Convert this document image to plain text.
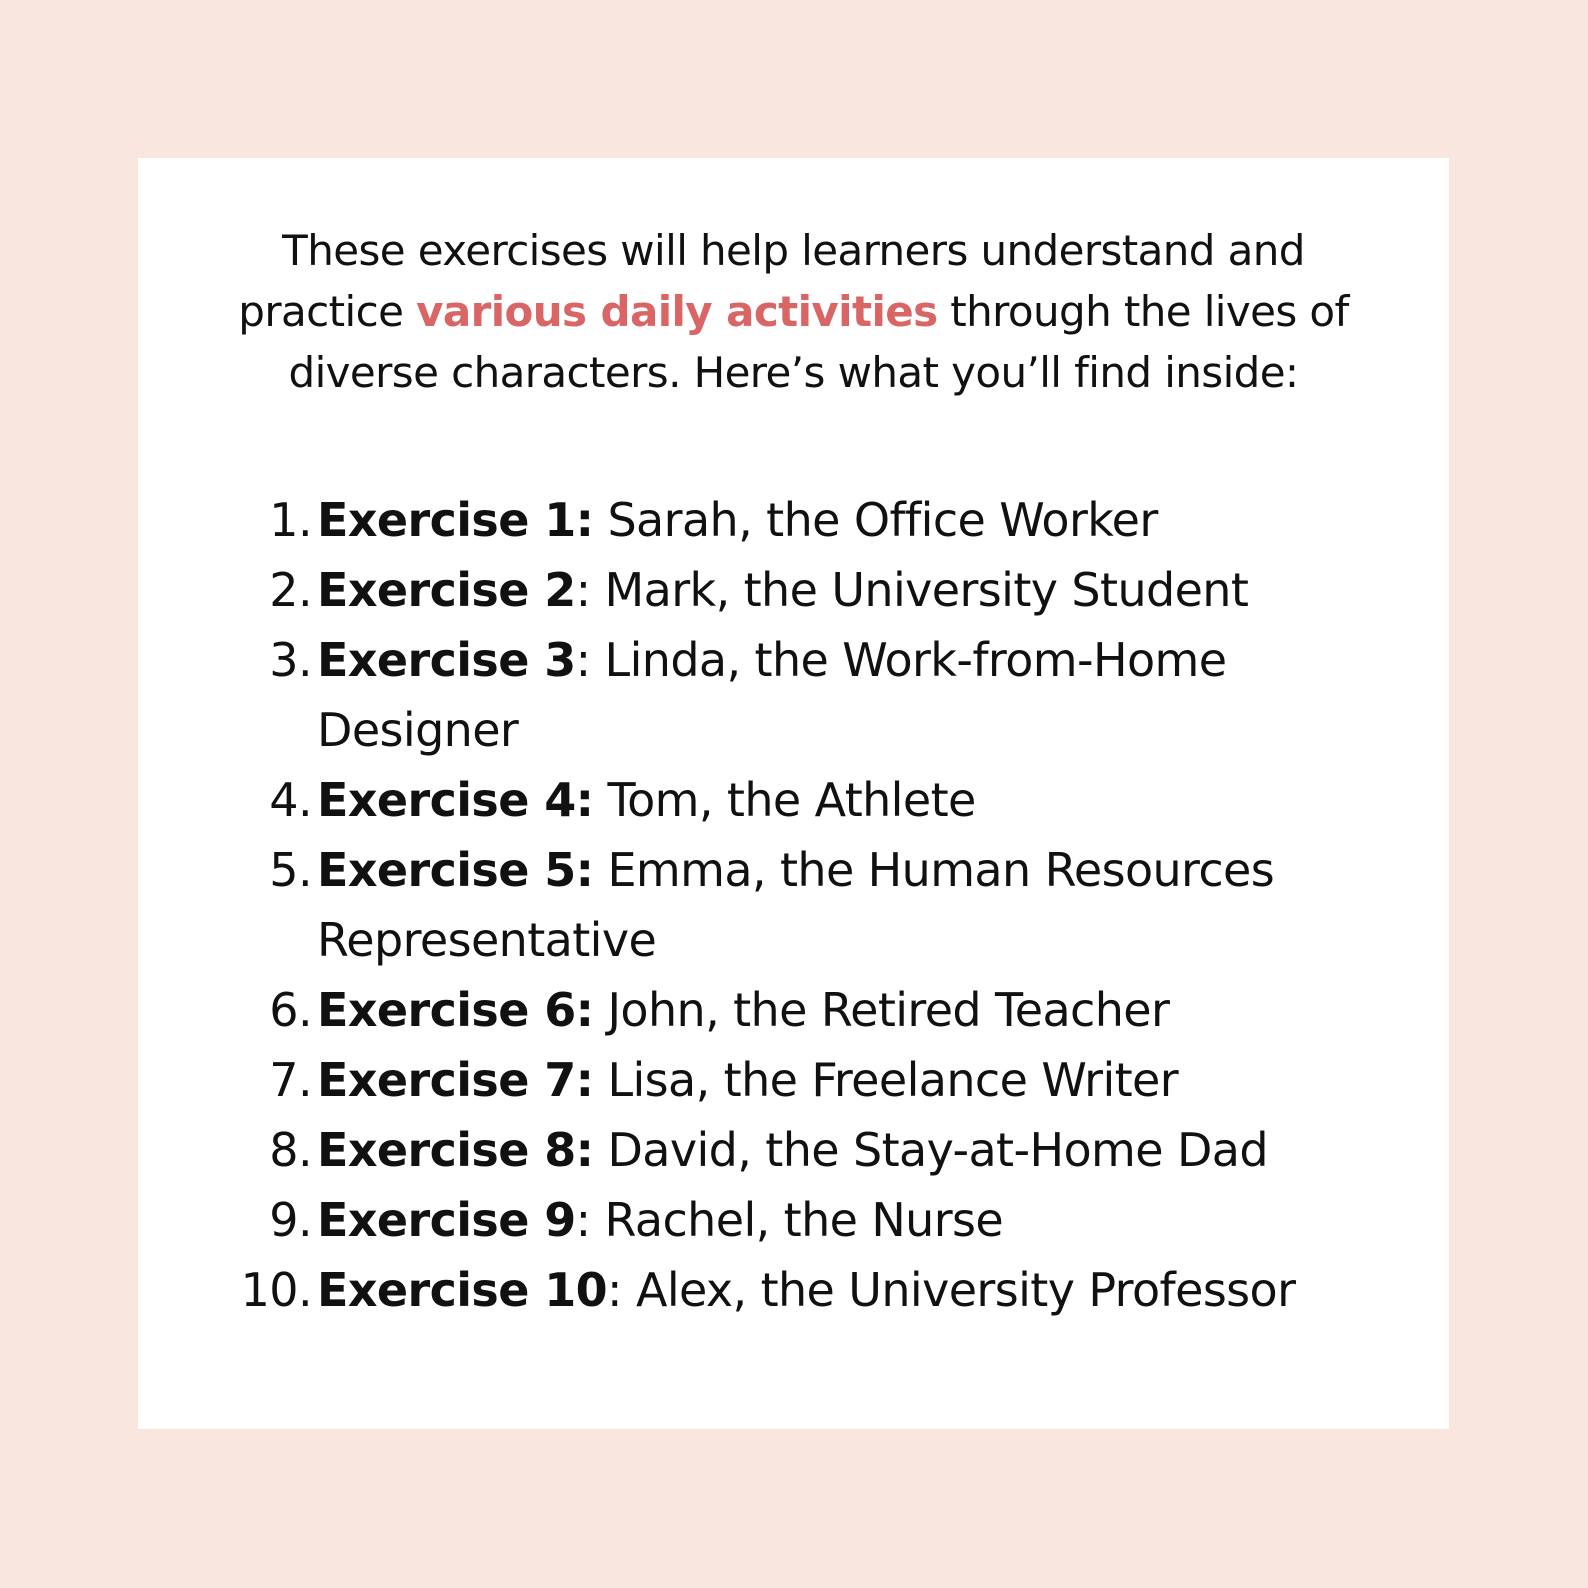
These exercises will help learners understand and practice various daily activities through the lives of diverse characters. Here’s what you’ll find inside:

1. Exercise 1: Sarah, the Office Worker
2. Exercise 2: Mark, the University Student
3. Exercise 3: Linda, the Work-from-Home Designer
4. Exercise 4: Tom, the Athlete
5. Exercise 5: Emma, the Human Resources Representative
6. Exercise 6: John, the Retired Teacher
7. Exercise 7: Lisa, the Freelance Writer
8. Exercise 8: David, the Stay-at-Home Dad
9. Exercise 9: Rachel, the Nurse
10. Exercise 10: Alex, the University Professor
